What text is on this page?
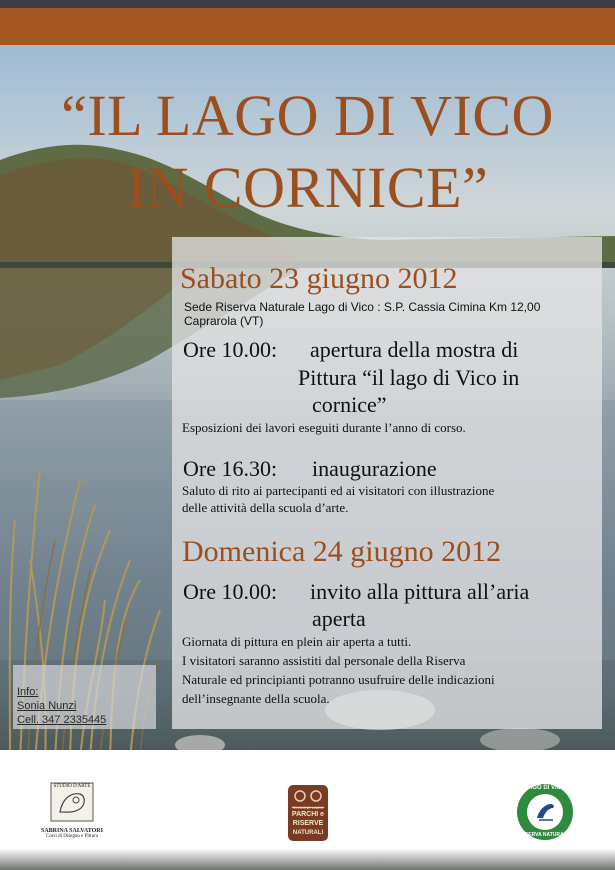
“IL LAGO DI VICO
IN CORNICE”
Sabato 23 giugno 2012
Sede Riserva Naturale Lago di Vico : S.P. Cassia Cimina Km 12,00
Caprarola (VT)
Ore 10.00: apertura della mostra di
Pittura “il lago di Vico in
cornice”
Esposizioni dei lavori eseguiti durante l’anno di corso.
Ore 16.30: inaugurazione
Saluto di rito ai partecipanti ed ai visitatori con illustrazione
delle attività della scuola d’arte.
Domenica 24 giugno 2012
Ore 10.00: invito alla pittura all’aria
aperta
Giornata di pittura en plein air aperta a tutti.
I visitatori saranno assistiti dal personale della Riserva
Naturale ed principianti potranno usufruire delle indicazioni
dell’insegnante della scuola.
Info:
Sonia Nunzi
Cell. 347 2335445
STUDIO D'ARTE
SABRINA SALVATORI
Corsi di Disegno e Pittura
REGIONE LAZIO
PARCHI e
RISERVE
NATURALI
LAGO DI VICO
RISERVA NATURALE
